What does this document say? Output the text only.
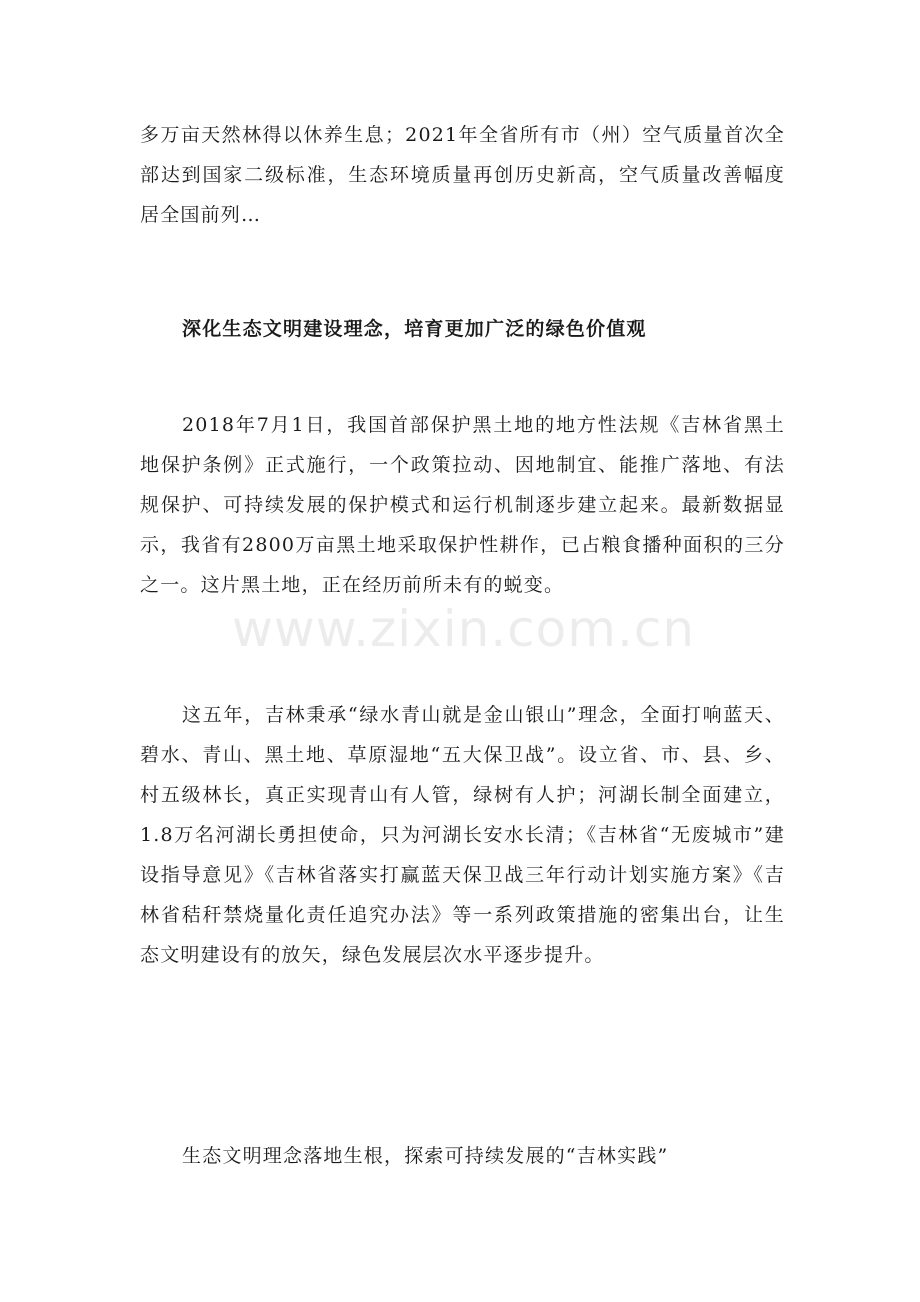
多万亩天然林得以休养生息；2021年全省所有市（州）空气质量首次全部达到国家二级标准，生态环境质量再创历史新高，空气质量改善幅度居全国前列…
深化生态文明建设理念，培育更加广泛的绿色价值观
2018年7月1日，我国首部保护黑土地的地方性法规《吉林省黑土地保护条例》正式施行，一个政策拉动、因地制宜、能推广落地、有法规保护、可持续发展的保护模式和运行机制逐步建立起来。最新数据显示，我省有2800万亩黑土地采取保护性耕作，已占粮食播种面积的三分之一。这片黑土地，正在经历前所未有的蜕变。
这五年，吉林秉承“绿水青山就是金山银山”理念，全面打响蓝天、碧水、青山、黑土地、草原湿地“五大保卫战”。设立省、市、县、乡、村五级林长，真正实现青山有人管，绿树有人护；河湖长制全面建立，1.8万名河湖长勇担使命，只为河湖长安水长清；《吉林省“无废城市”建设指导意见》《吉林省落实打赢蓝天保卫战三年行动计划实施方案》《吉林省秸秆禁烧量化责任追究办法》等一系列政策措施的密集出台，让生态文明建设有的放矢，绿色发展层次水平逐步提升。
生态文明理念落地生根，探索可持续发展的“吉林实践”
www.zixin.com.cn
